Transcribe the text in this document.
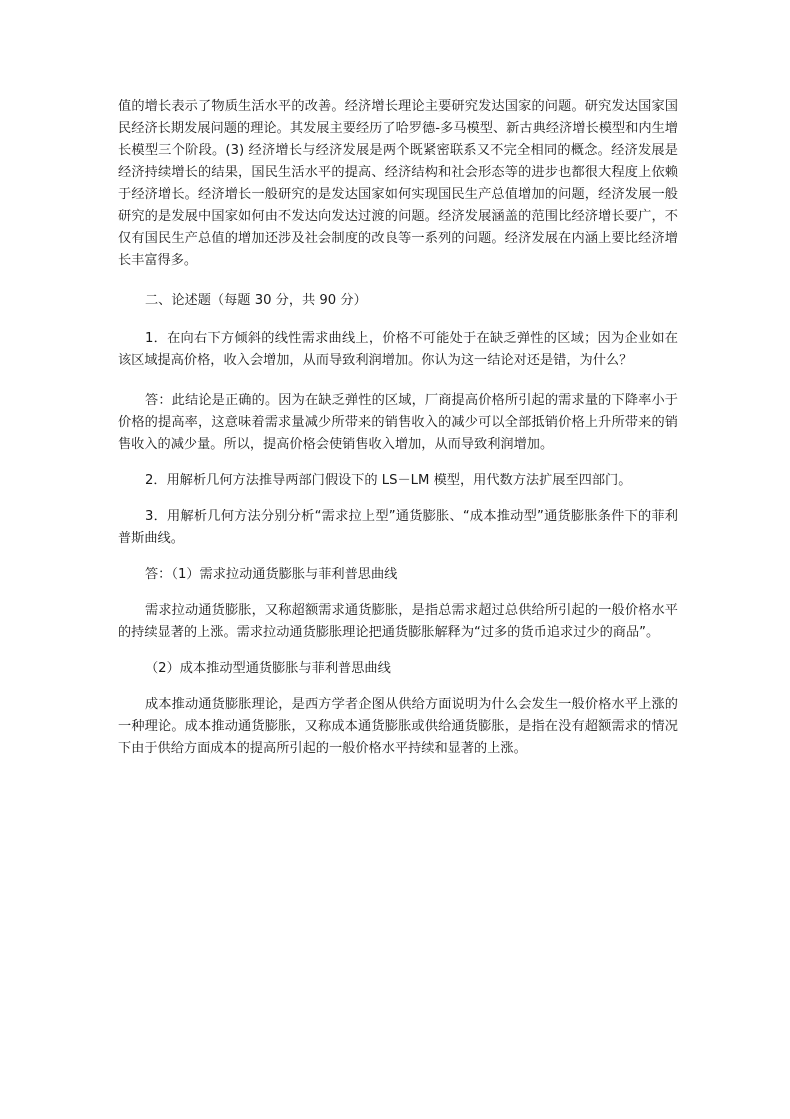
值的增长表示了物质生活水平的改善。经济增长理论主要研究发达国家的问题。研究发达国家国民经济长期发展问题的理论。其发展主要经历了哈罗德-多马模型、新古典经济增长模型和内生增长模型三个阶段。(3) 经济增长与经济发展是两个既紧密联系又不完全相同的概念。经济发展是经济持续增长的结果，国民生活水平的提高、经济结构和社会形态等的进步也都很大程度上依赖于经济增长。经济增长一般研究的是发达国家如何实现国民生产总值增加的问题，经济发展一般研究的是发展中国家如何由不发达向发达过渡的问题。经济发展涵盖的范围比经济增长要广，不仅有国民生产总值的增加还涉及社会制度的改良等一系列的问题。经济发展在内涵上要比经济增长丰富得多。

二、论述题（每题 30 分，共 90 分）

1．在向右下方倾斜的线性需求曲线上，价格不可能处于在缺乏弹性的区域；因为企业如在该区域提高价格，收入会增加，从而导致利润增加。你认为这一结论对还是错，为什么？

答：此结论是正确的。因为在缺乏弹性的区域，厂商提高价格所引起的需求量的下降率小于价格的提高率，这意味着需求量减少所带来的销售收入的减少可以全部抵销价格上升所带来的销售收入的减少量。所以，提高价格会使销售收入增加，从而导致利润增加。

2．用解析几何方法推导两部门假设下的 LS－LM 模型，用代数方法扩展至四部门。

3．用解析几何方法分别分析“需求拉上型”通货膨胀、“成本推动型”通货膨胀条件下的菲利普斯曲线。

答：（1）需求拉动通货膨胀与菲利普思曲线

需求拉动通货膨胀，又称超额需求通货膨胀，是指总需求超过总供给所引起的一般价格水平的持续显著的上涨。需求拉动通货膨胀理论把通货膨胀解释为“过多的货币追求过少的商品”。

（2）成本推动型通货膨胀与菲利普思曲线

成本推动通货膨胀理论，是西方学者企图从供给方面说明为什么会发生一般价格水平上涨的一种理论。成本推动通货膨胀，又称成本通货膨胀或供给通货膨胀，是指在没有超额需求的情况下由于供给方面成本的提高所引起的一般价格水平持续和显著的上涨。
